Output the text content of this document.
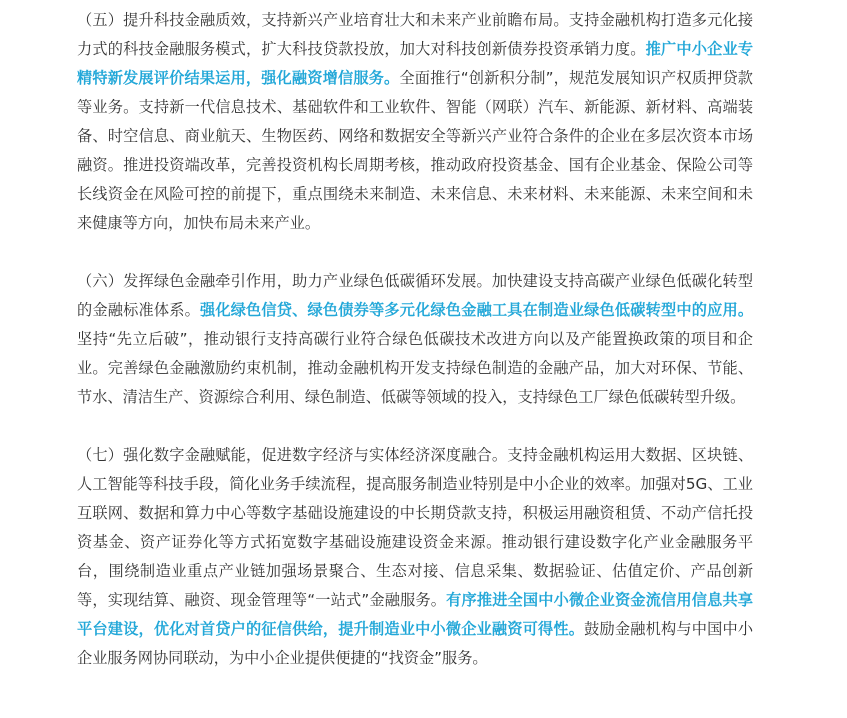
（五）提升科技金融质效，支持新兴产业培育壮大和未来产业前瞻布局。支持金融机构打造多元化接力式的科技金融服务模式，扩大科技贷款投放，加大对科技创新债券投资承销力度。推广中小企业专精特新发展评价结果运用，强化融资增信服务。全面推行“创新积分制”，规范发展知识产权质押贷款等业务。支持新一代信息技术、基础软件和工业软件、智能（网联）汽车、新能源、新材料、高端装备、时空信息、商业航天、生物医药、网络和数据安全等新兴产业符合条件的企业在多层次资本市场融资。推进投资端改革，完善投资机构长周期考核，推动政府投资基金、国有企业基金、保险公司等长线资金在风险可控的前提下，重点围绕未来制造、未来信息、未来材料、未来能源、未来空间和未来健康等方向，加快布局未来产业。

（六）发挥绿色金融牵引作用，助力产业绿色低碳循环发展。加快建设支持高碳产业绿色低碳化转型的金融标准体系。强化绿色信贷、绿色债券等多元化绿色金融工具在制造业绿色低碳转型中的应用。坚持“先立后破”，推动银行支持高碳行业符合绿色低碳技术改进方向以及产能置换政策的项目和企业。完善绿色金融激励约束机制，推动金融机构开发支持绿色制造的金融产品，加大对环保、节能、节水、清洁生产、资源综合利用、绿色制造、低碳等领域的投入，支持绿色工厂绿色低碳转型升级。

（七）强化数字金融赋能，促进数字经济与实体经济深度融合。支持金融机构运用大数据、区块链、人工智能等科技手段，简化业务手续流程，提高服务制造业特别是中小企业的效率。加强对5G、工业互联网、数据和算力中心等数字基础设施建设的中长期贷款支持，积极运用融资租赁、不动产信托投资基金、资产证券化等方式拓宽数字基础设施建设资金来源。推动银行建设数字化产业金融服务平台，围绕制造业重点产业链加强场景聚合、生态对接、信息采集、数据验证、估值定价、产品创新等，实现结算、融资、现金管理等“一站式”金融服务。有序推进全国中小微企业资金流信用信息共享平台建设，优化对首贷户的征信供给，提升制造业中小微企业融资可得性。鼓励金融机构与中国中小企业服务网协同联动，为中小企业提供便捷的“找资金”服务。
